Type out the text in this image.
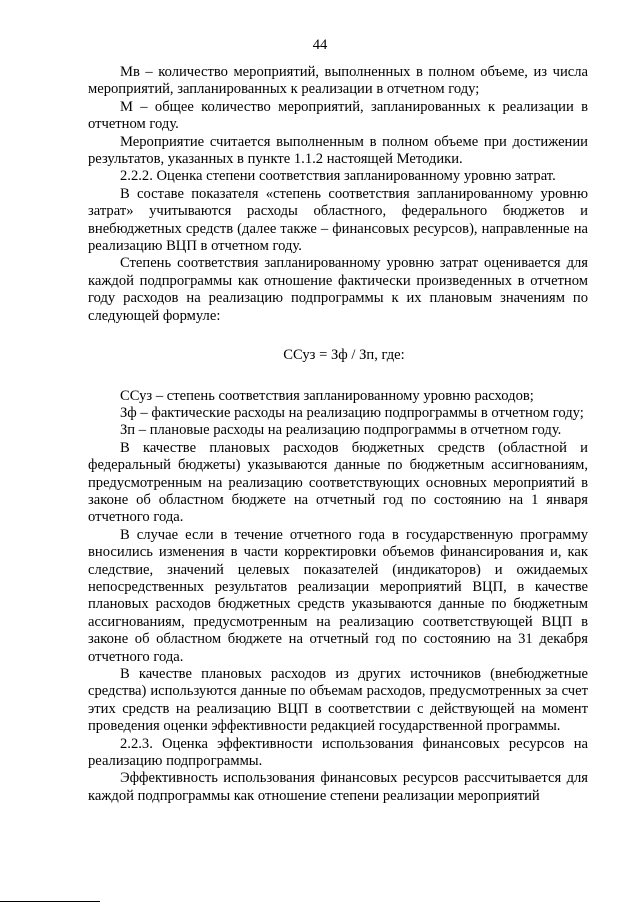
44

Мв – количество мероприятий, выполненных в полном объеме, из числа мероприятий, запланированных к реализации в отчетном году;

М – общее количество мероприятий, запланированных к реализации в отчетном году.

Мероприятие считается выполненным в полном объеме при достижении результатов, указанных в пункте 1.1.2 настоящей Методики.

2.2.2. Оценка степени соответствия запланированному уровню затрат.

В составе показателя «степень соответствия запланированному уровню затрат» учитываются расходы областного, федерального бюджетов и внебюджетных средств (далее также – финансовых ресурсов), направленные на реализацию ВЦП в отчетном году.

Степень соответствия запланированному уровню затрат оценивается для каждой подпрограммы как отношение фактически произведенных в отчетном году расходов на реализацию подпрограммы к их плановым значениям по следующей формуле:

ССуз = Зф / Зп, где:

ССуз – степень соответствия запланированному уровню расходов;

Зф – фактические расходы на реализацию подпрограммы в отчетном году;

Зп – плановые расходы на реализацию подпрограммы в отчетном году.

В качестве плановых расходов бюджетных средств (областной и федеральный бюджеты) указываются данные по бюджетным ассигнованиям, предусмотренным на реализацию соответствующих основных мероприятий в законе об областном бюджете на отчетный год по состоянию на 1 января отчетного года.

В случае если в течение отчетного года в государственную программу вносились изменения в части корректировки объемов финансирования и, как следствие, значений целевых показателей (индикаторов) и ожидаемых непосредственных результатов реализации мероприятий ВЦП, в качестве плановых расходов бюджетных средств указываются данные по бюджетным ассигнованиям, предусмотренным на реализацию соответствующей ВЦП в законе об областном бюджете на отчетный год по состоянию на 31 декабря отчетного года.

В качестве плановых расходов из других источников (внебюджетные средства) используются данные по объемам расходов, предусмотренных за счет этих средств на реализацию ВЦП в соответствии с действующей на момент проведения оценки эффективности редакцией государственной программы.

2.2.3. Оценка эффективности использования финансовых ресурсов на реализацию подпрограммы.

Эффективность использования финансовых ресурсов рассчитывается для каждой подпрограммы как отношение степени реализации мероприятий
